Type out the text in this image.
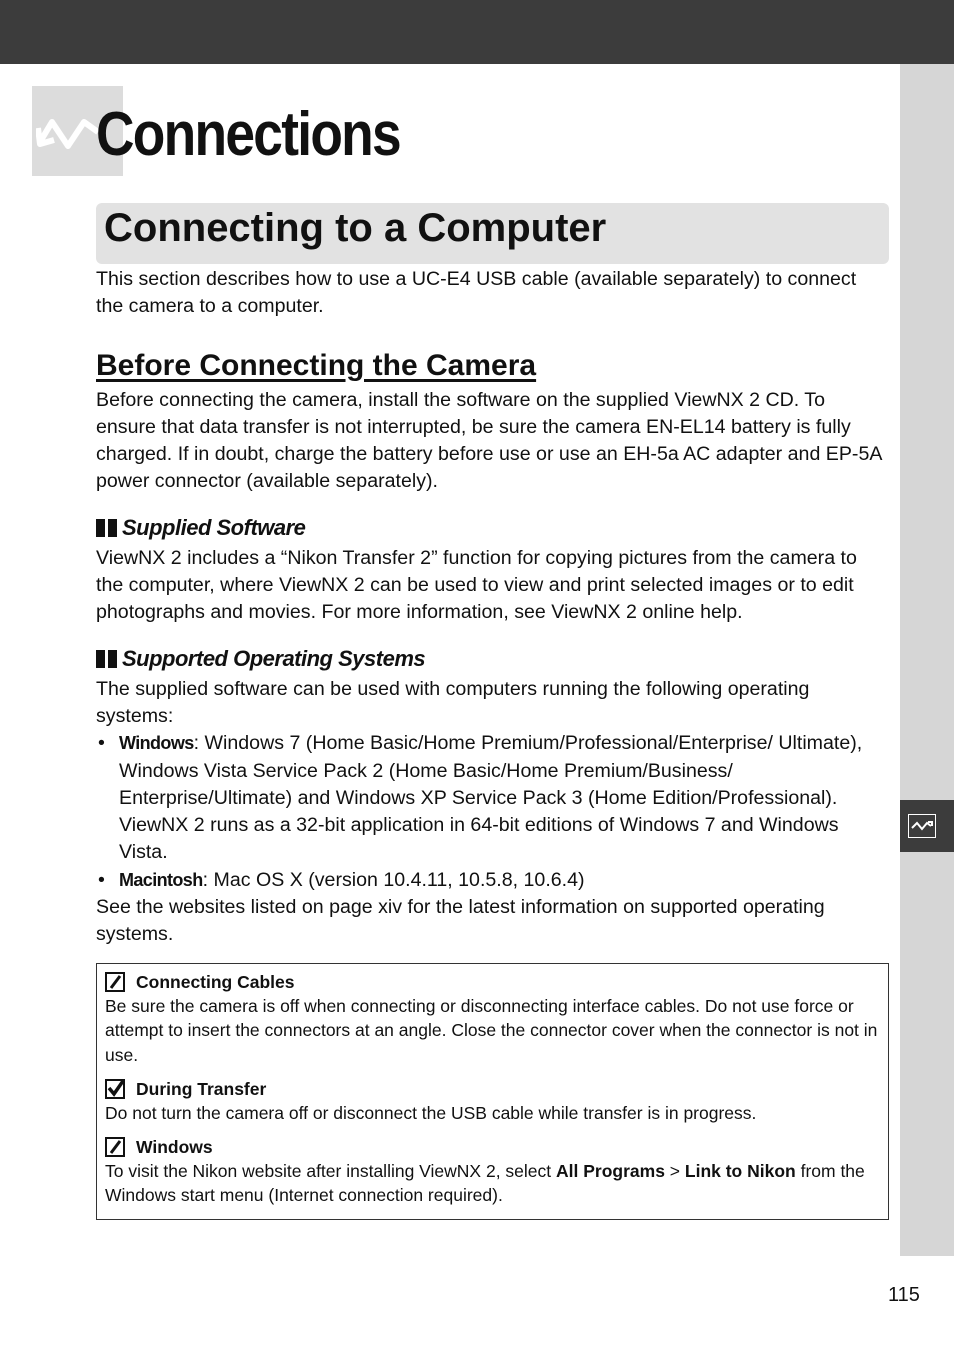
Connections
Connecting to a Computer

This section describes how to use a UC-E4 USB cable (available separately) to connect the camera to a computer.

Before Connecting the Camera

Before connecting the camera, install the software on the supplied ViewNX 2 CD. To ensure that data transfer is not interrupted, be sure the camera EN-EL14 battery is fully charged. If in doubt, charge the battery before use or use an EH-5a AC adapter and EP-5A power connector (available separately).

Supplied Software

ViewNX 2 includes a “Nikon Transfer 2” function for copying pictures from the camera to the computer, where ViewNX 2 can be used to view and print selected images or to edit photographs and movies. For more information, see ViewNX 2 online help.

Supported Operating Systems

The supplied software can be used with computers running the following operating systems:

• Windows: Windows 7 (Home Basic/Home Premium/Professional/Enterprise/ Ultimate), Windows Vista Service Pack 2 (Home Basic/Home Premium/Business/ Enterprise/Ultimate) and Windows XP Service Pack 3 (Home Edition/Professional). ViewNX 2 runs as a 32-bit application in 64-bit editions of Windows 7 and Windows Vista.
• Macintosh: Mac OS X (version 10.4.11, 10.5.8, 10.6.4)

See the websites listed on page xiv for the latest information on supported operating systems.

Connecting Cables

Be sure the camera is off when connecting or disconnecting interface cables. Do not use force or attempt to insert the connectors at an angle. Close the connector cover when the connector is not in use.

During Transfer

Do not turn the camera off or disconnect the USB cable while transfer is in progress.

Windows

To visit the Nikon website after installing ViewNX 2, select All Programs > Link to Nikon from the Windows start menu (Internet connection required).

115
